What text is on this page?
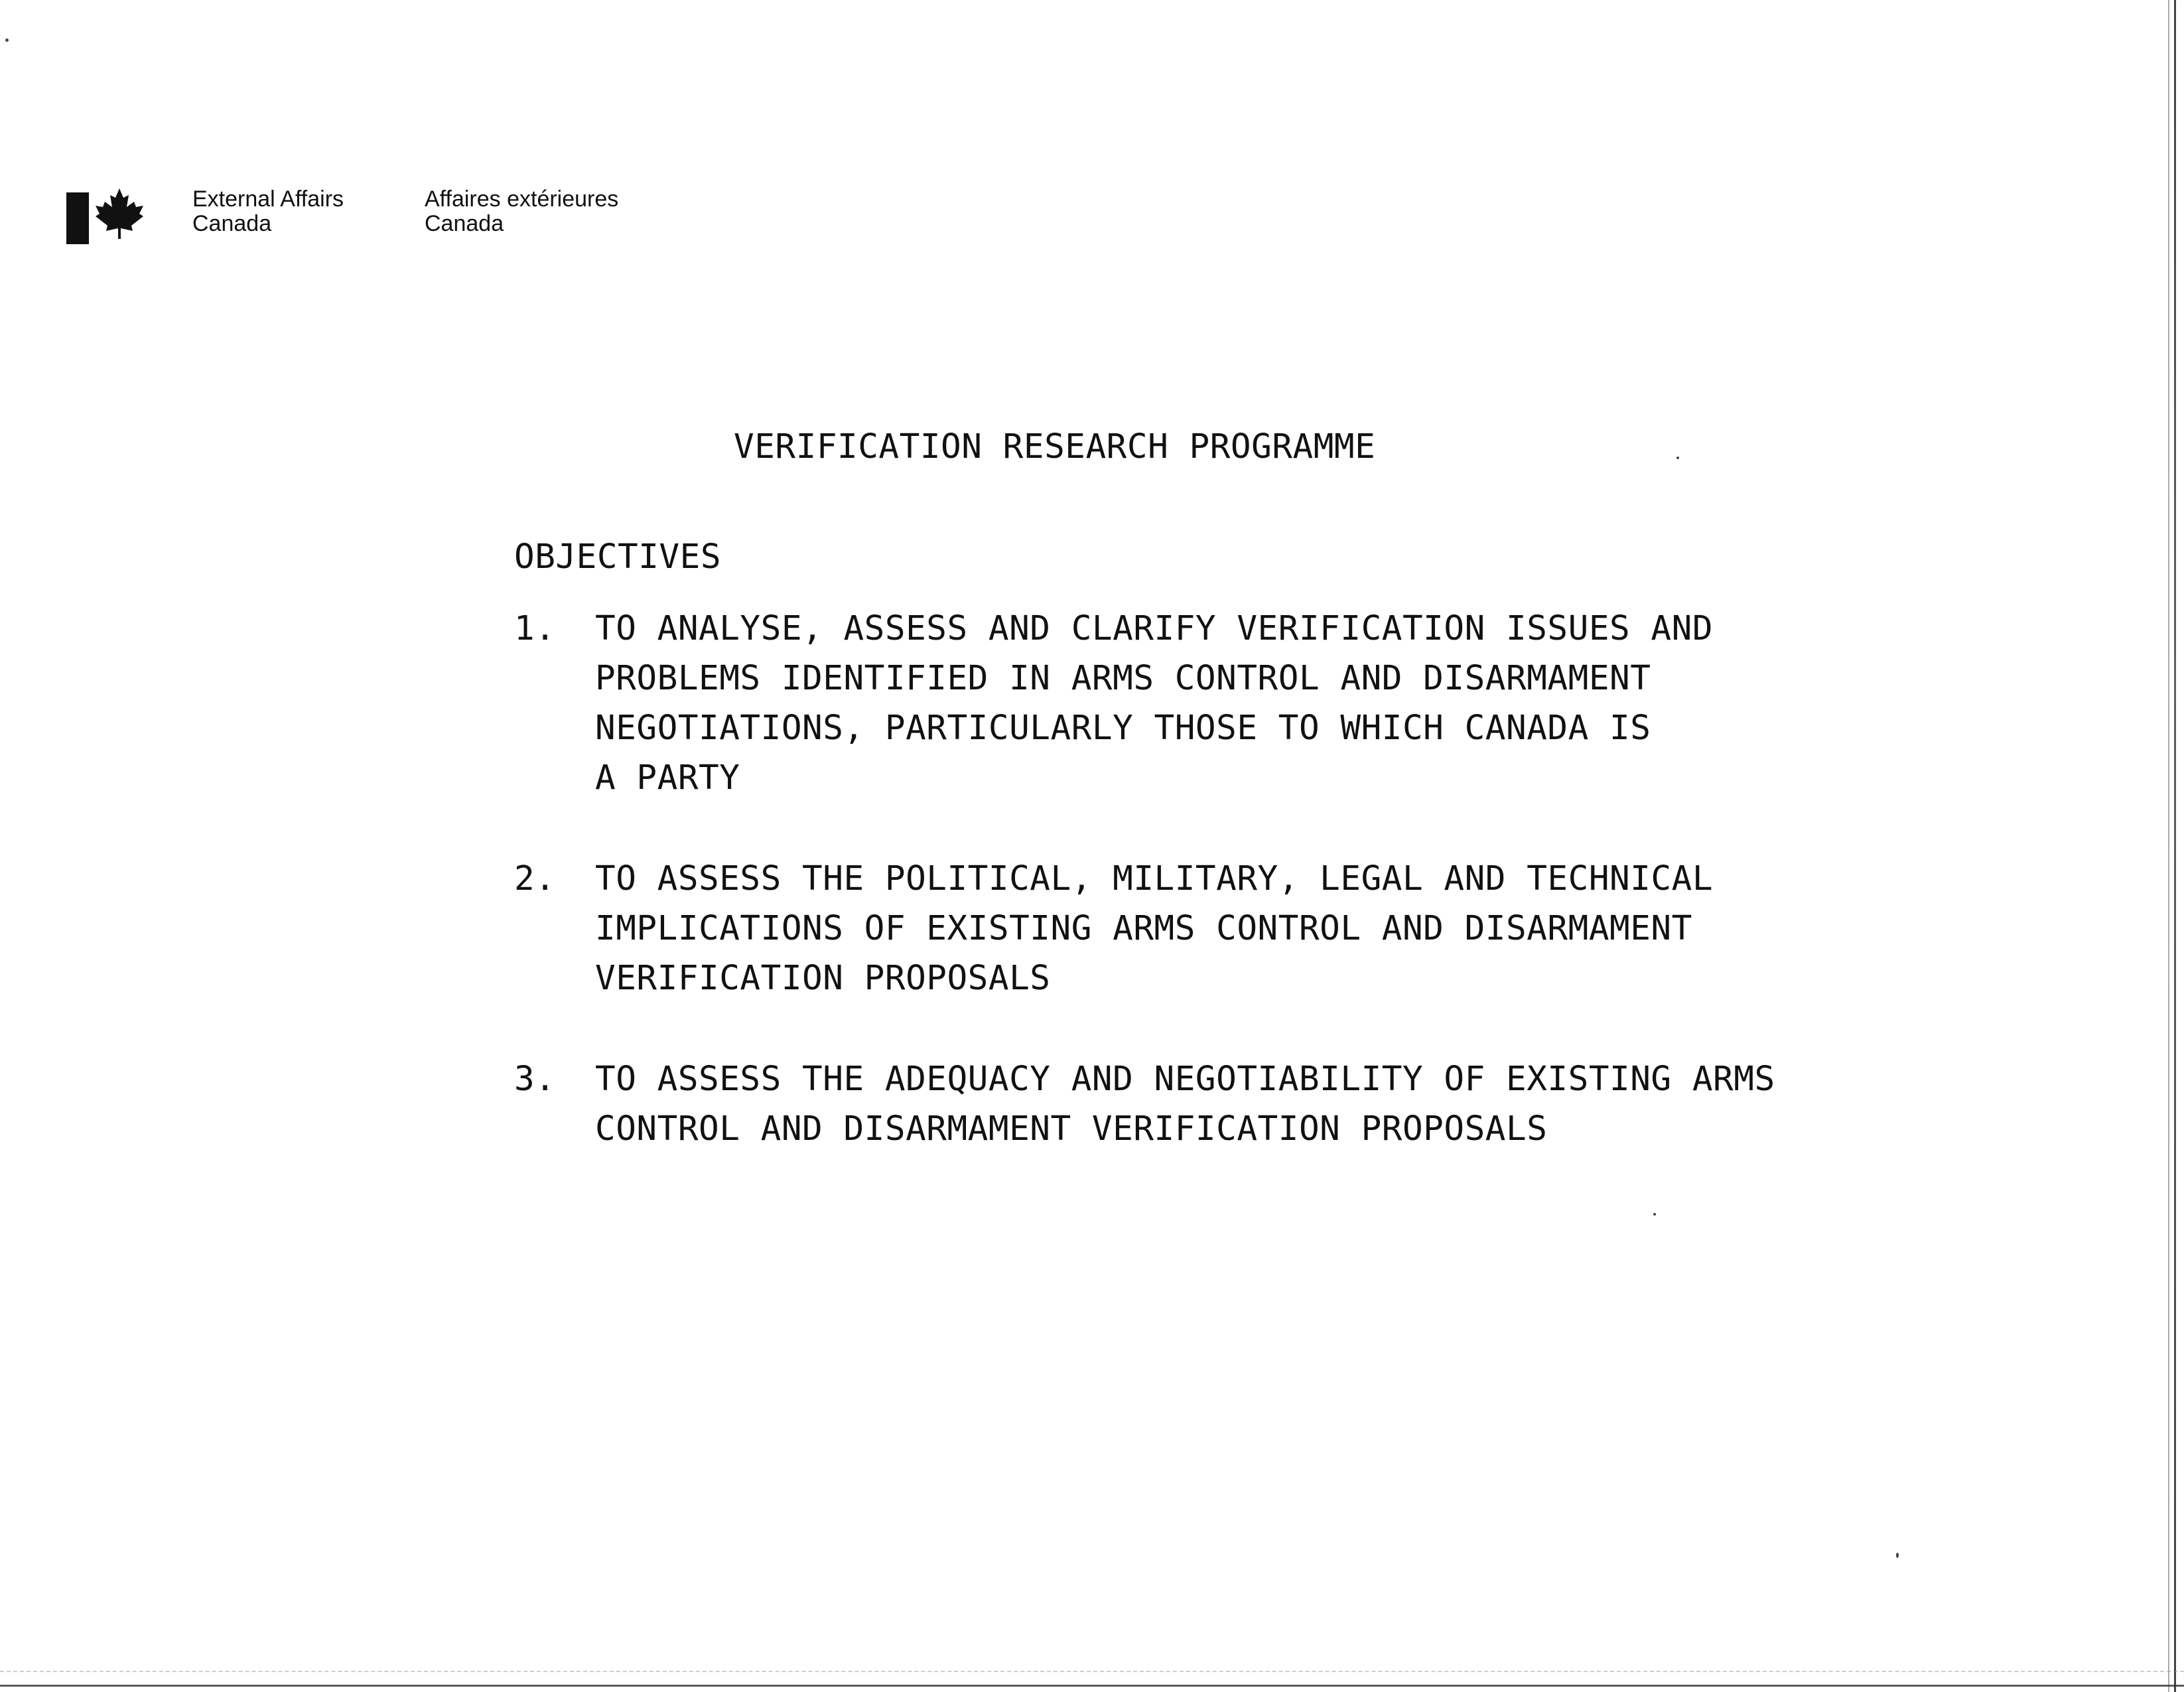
External Affairs
Canada
Affaires extérieures
Canada
VERIFICATION RESEARCH PROGRAMME
OBJECTIVES
1.	TO ANALYSE, ASSESS AND CLARIFY VERIFICATION ISSUES AND
PROBLEMS IDENTIFIED IN ARMS CONTROL AND DISARMAMENT
NEGOTIATIONS, PARTICULARLY THOSE TO WHICH CANADA IS
A PARTY
2.	TO ASSESS THE POLITICAL, MILITARY, LEGAL AND TECHNICAL
IMPLICATIONS OF EXISTING ARMS CONTROL AND DISARMAMENT
VERIFICATION PROPOSALS
3.	TO ASSESS THE ADEQUACY AND NEGOTIABILITY OF EXISTING ARMS
CONTROL AND DISARMAMENT VERIFICATION PROPOSALS
